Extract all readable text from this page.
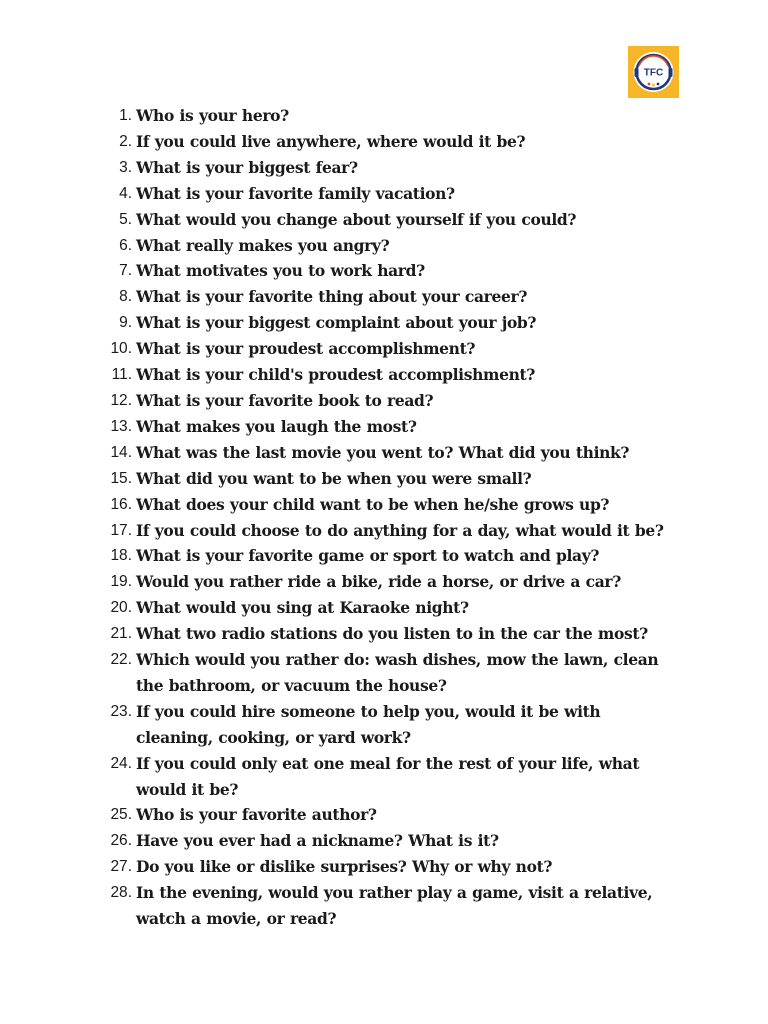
TFC
1 . Who is your hero?
2 . If you could live anywhere, where would it be?
3 . What is your biggest fear?
4 . What is your favorite family vacation?
5 . What would you change about yourself if you could?
6 . What really makes you angry?
7 . What motivates you to work hard?
8 . What is your favorite thing about your career?
9 . What is your biggest complaint about your job?
10 . What is your proudest accomplishment?
11 . What is your child's proudest accomplishment?
12 . What is your favorite book to read?
13 . What makes you laugh the most?
14 . What was the last movie you went to? What did you think?
15 . What did you want to be when you were small?
16 . What does your child want to be when he/she grows up?
17 . If you could choose to do anything for a day, what would it be?
18 . What is your favorite game or sport to watch and play?
19 . Would you rather ride a bike, ride a horse, or drive a car?
20 . What would you sing at Karaoke night?
21 . What two radio stations do you listen to in the car the most?
22 . Which would you rather do: wash dishes, mow the lawn, clean
the bathroom, or vacuum the house?
23 . If you could hire someone to help you, would it be with
cleaning, cooking, or yard work?
24 . If you could only eat one meal for the rest of your life, what
would it be?
25 . Who is your favorite author?
26 . Have you ever had a nickname? What is it?
27 . Do you like or dislike surprises? Why or why not?
28 . In the evening, would you rather play a game, visit a relative,
watch a movie, or read?
